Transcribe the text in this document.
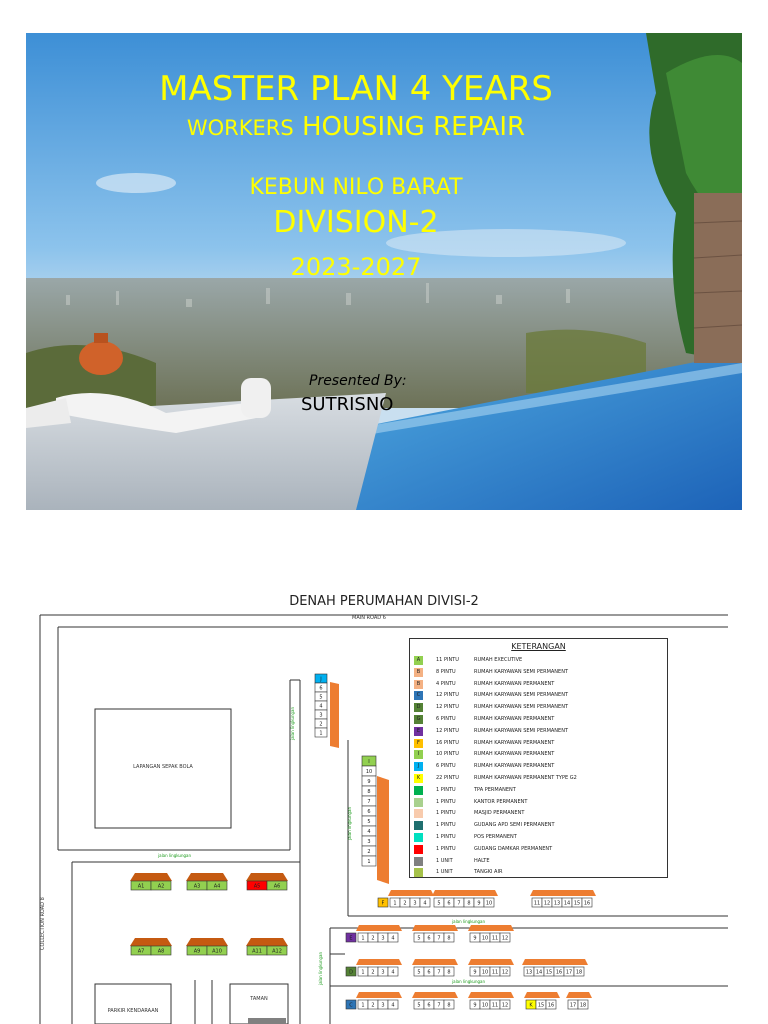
MASTER PLAN 4 YEARS
WORKERS HOUSING REPAIR
KEBUN NILO BARAT
DIVISION-2
2023-2027
Presented By:
SUTRISNO
DENAH PERUMAHAN DIVISI-2
A1	A2	A3	A4	A5	A6
A7	A8	A9 A10	A11 A12
J
6
5
4
3
2
1
I
10
9
8
7
6
5
4
3
2
1
F 1 2 3 4 5 6 7 8 9 10	11 12 13 14 15 16
E 1 2 3 4	5 6 7 8	9 10 11 12
D 1 2 3 4	5 6 7 8	9 10 11 12	13 14 15 16 17 18
C 1 2 3 4	5 6 7 8	9 10 11 12	K 15 16	17 18
MAIN ROAD 6
COLLECTION ROAD 8
LAPANGAN SEPAK BOLA
PARKIR KENDARAAN
TAMAN
jalan lingkungan
jalan lingkungan
jalan lingkungan
jalan lingkungan
jalan lingkungan
jalan lingkungan
KETERANGAN
A	11 PINTU	RUMAH EXECUTIVE
B	8 PINTU	RUMAH KARYAWAN SEMI PERMANENT
B	4 PINTU	RUMAH KARYAWAN PERMANENT
C	12 PINTU	RUMAH KARYAWAN SEMI PERMANENT
D	12 PINTU	RUMAH KARYAWAN SEMI PERMANENT
G	6 PINTU	RUMAH KARYAWAN PERMANENT
E	12 PINTU	RUMAH KARYAWAN SEMI PERMANENT
F	16 PINTU	RUMAH KARYAWAN PERMANENT
I	10 PINTU	RUMAH KARYAWAN PERMANENT
J	6 PINTU	RUMAH KARYAWAN PERMANENT
K	22 PINTU	RUMAH KARYAWAN PERMANENT TYPE G2
1 PINTU	TPA PERMANENT
1 PINTU	KANTOR PERMANENT
1 PINTU	MASJID PERMANENT
1 PINTU	GUDANG APD SEMI PERMANENT
1 PINTU	POS PERMANENT
1 PINTU	GUDANG DAMKAR PERMANENT
1 UNIT	HALTE
1 UNIT	TANGKI AIR
